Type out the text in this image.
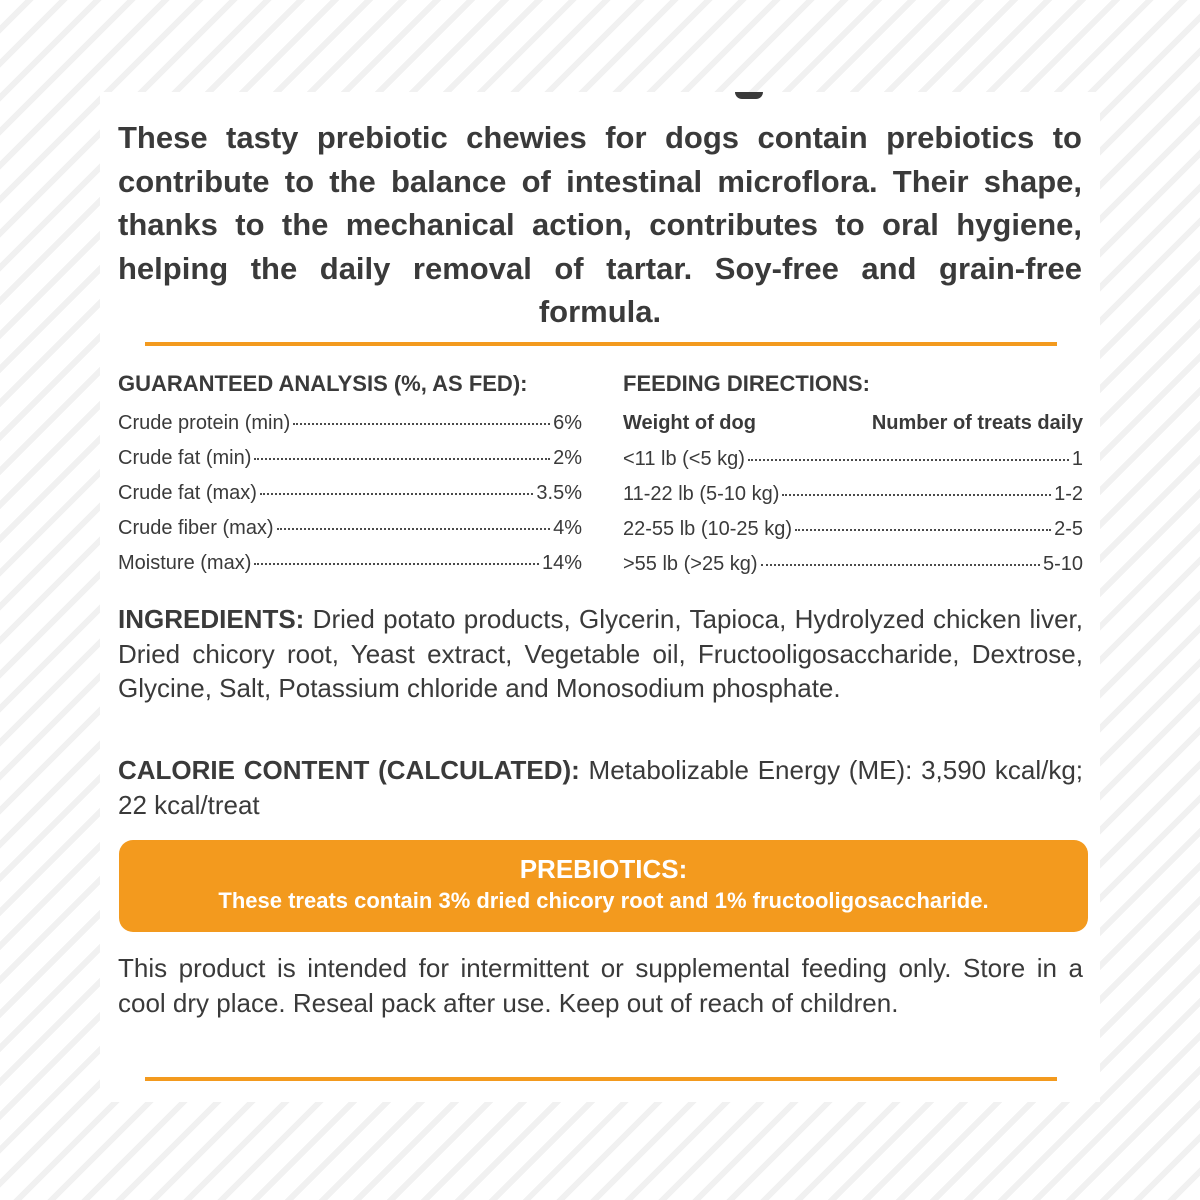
These tasty prebiotic chewies for dogs contain prebiotics to contribute to the balance of intestinal microflora. Their shape, thanks to the mechanical action, contributes to oral hygiene, helping the daily removal of tartar. Soy-free and grain-free formula.
GUARANTEED ANALYSIS (%, AS FED):	FEEDING DIRECTIONS:
Crude protein (min)	6%
Crude fat (min)	2%
Crude fat (max)	3.5%
Crude fiber (max)	4%
Moisture (max)	14%
Weight of dog	Number of treats daily
<11 lb (<5 kg)	1
11-22 lb (5-10 kg)	1-2
22-55 lb (10-25 kg)	2-5
>55 lb (>25 kg)	5-10
INGREDIENTS: Dried potato products, Glycerin, Tapioca, Hydrolyzed chicken liver, Dried chicory root, Yeast extract, Vegetable oil, Fructooligosaccharide, Dextrose, Glycine, Salt, Potassium chloride and Monosodium phosphate.
CALORIE CONTENT (CALCULATED): Metabolizable Energy (ME): 3,590 kcal/kg; 22 kcal/treat
PREBIOTICS:
These treats contain 3% dried chicory root and 1% fructooligosaccharide.
This product is intended for intermittent or supplemental feeding only. Store in a cool dry place. Reseal pack after use. Keep out of reach of children.
